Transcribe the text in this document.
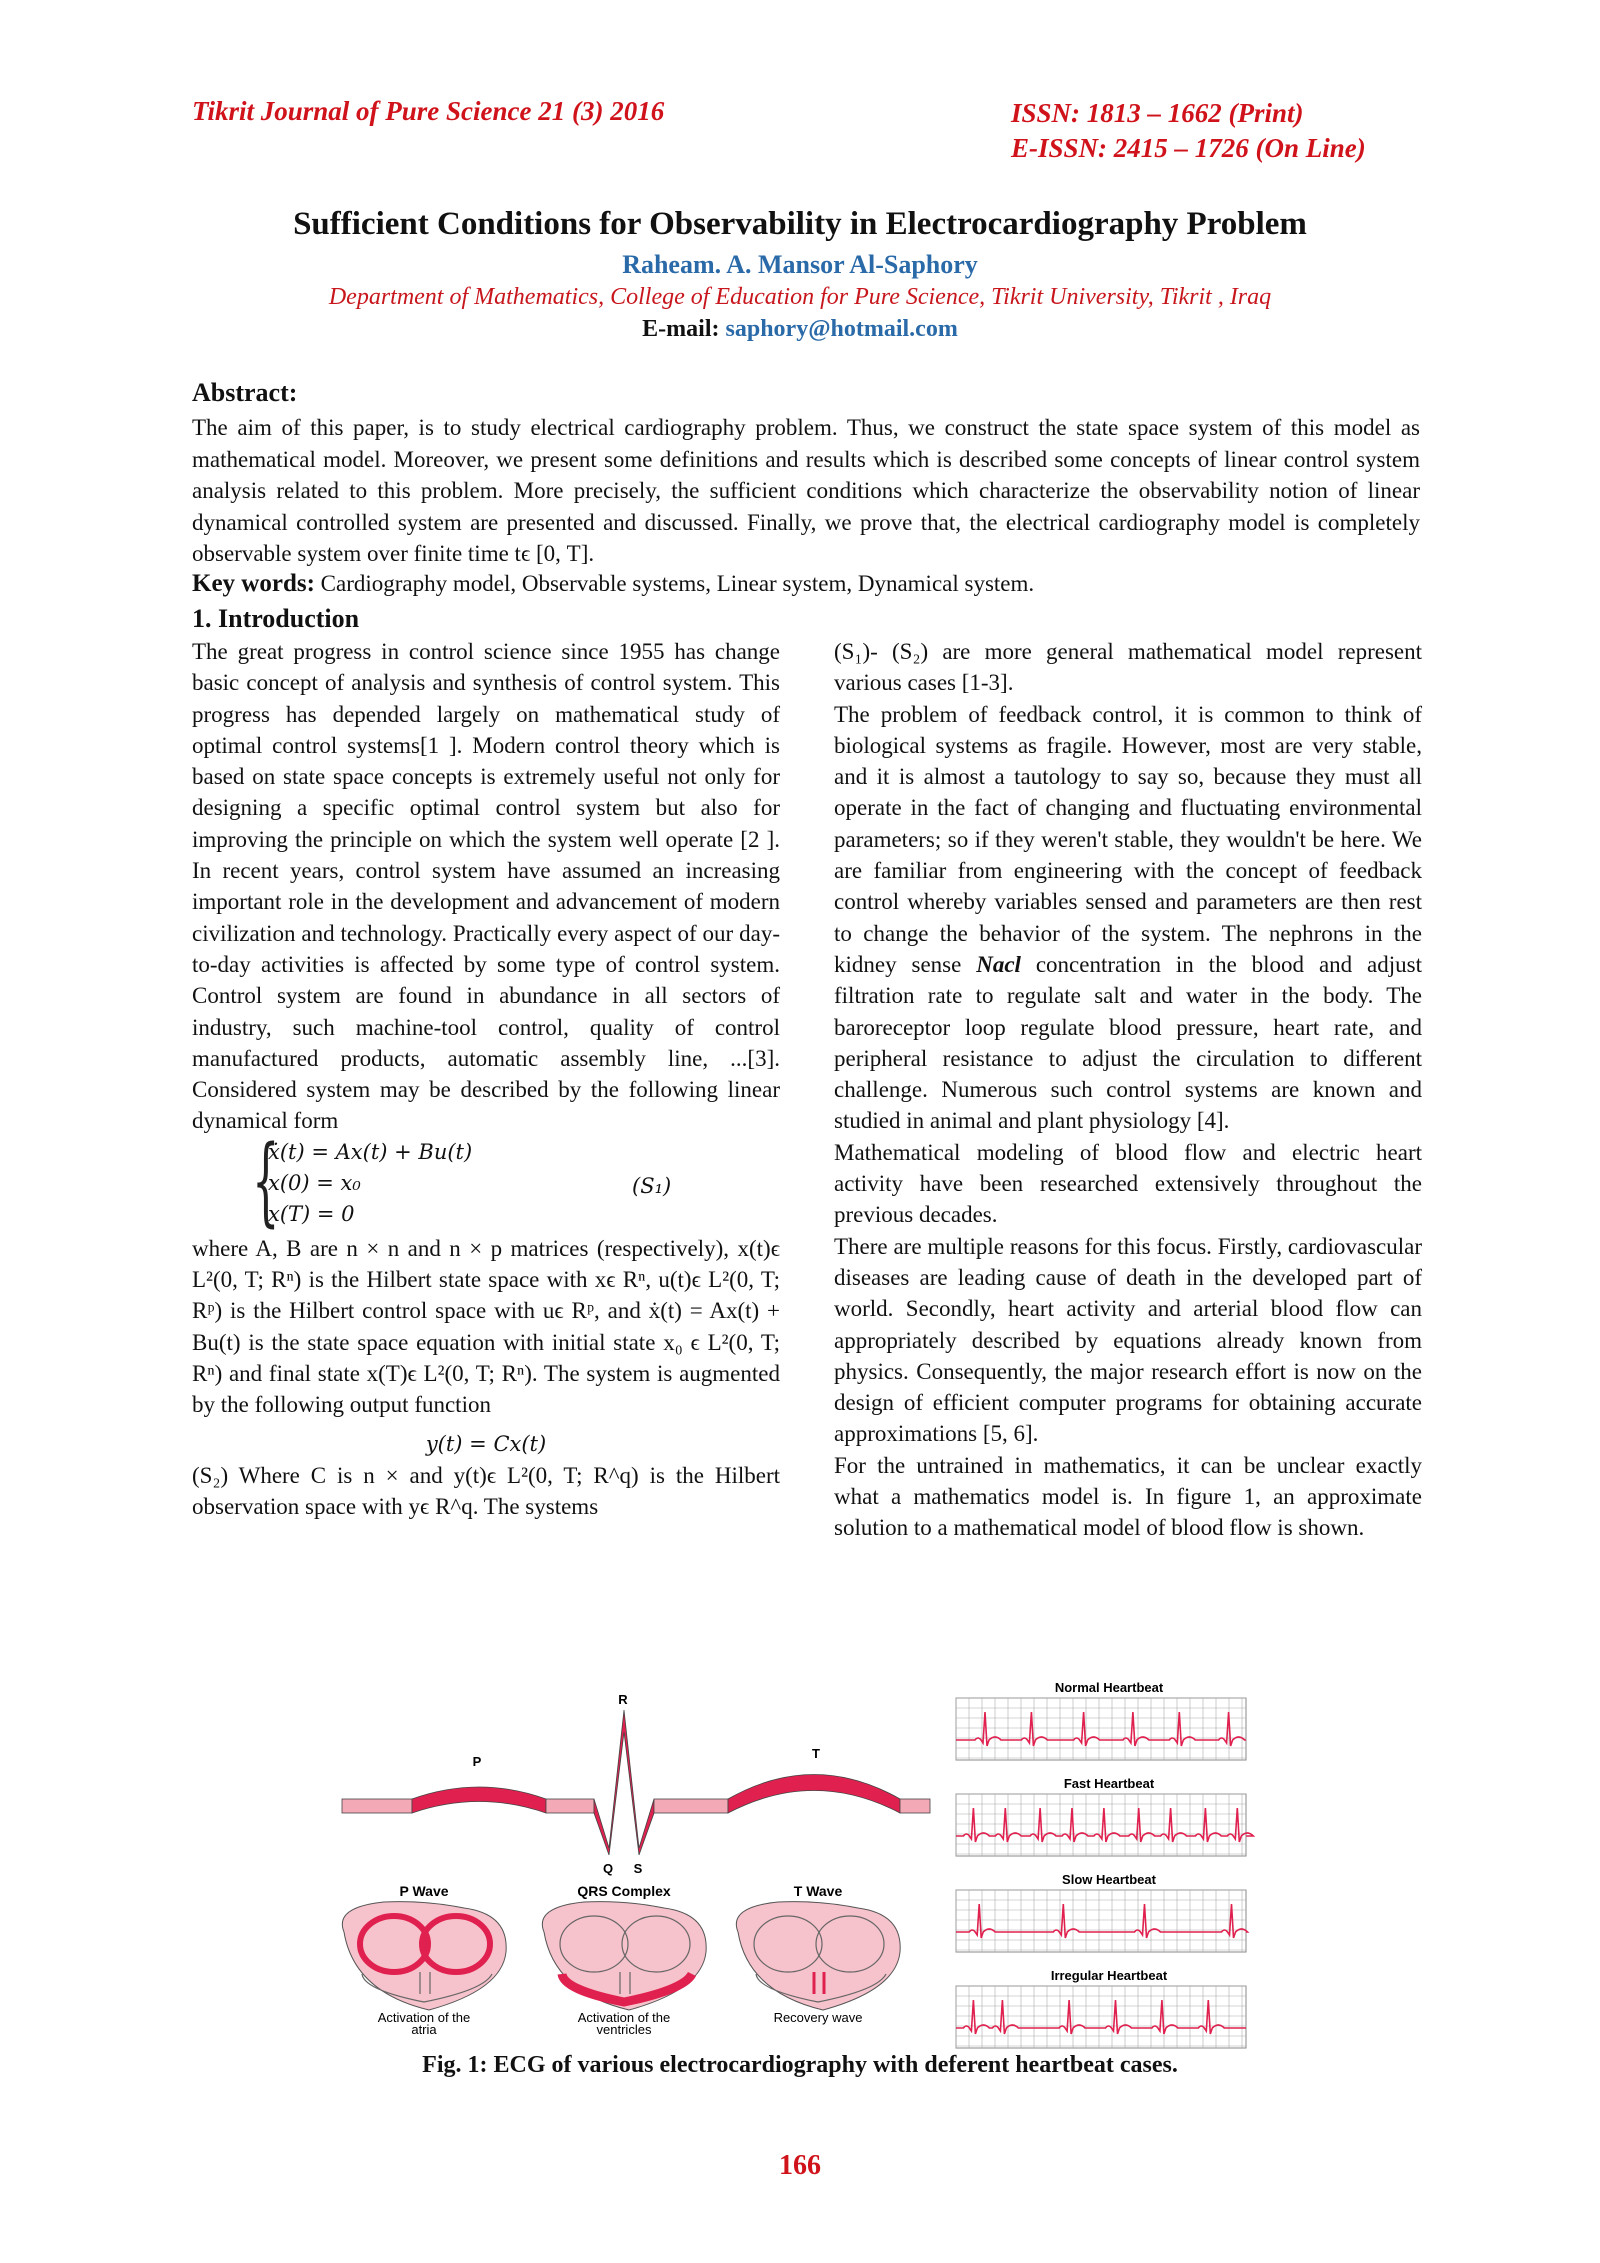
Tikrit Journal of Pure Science 21 (3) 2016	ISSN: 1813 – 1662 (Print)
E-ISSN: 2415 – 1726 (On Line)
Sufficient Conditions for Observability in Electrocardiography Problem
Raheam. A. Mansor Al-Saphory
Department of Mathematics, College of Education for Pure Science, Tikrit University, Tikrit , Iraq
E-mail: saphory@hotmail.com
Abstract:
The aim of this paper, is to study electrical cardiography problem. Thus, we construct the state space system of this model as mathematical model. Moreover, we present some definitions and results which is described some concepts of linear control system analysis related to this problem. More precisely, the sufficient conditions which characterize the observability notion of linear dynamical controlled system are presented and discussed. Finally, we prove that, the electrical cardiography model is completely observable system over finite time tϵ [0, T].
Key words: Cardiography model, Observable systems, Linear system, Dynamical system.
1. Introduction

The great progress in control science since 1955 has change basic concept of analysis and synthesis of control system. This progress has depended largely on mathematical study of optimal control systems[1 ]. Modern control theory which is based on state space concepts is extremely useful not only for designing a specific optimal control system but also for improving the principle on which the system well operate [2 ]. In recent years, control system have assumed an increasing important role in the development and advancement of modern civilization and technology. Practically every aspect of our day-to-day activities is affected by some type of control system. Control system are found in abundance in all sectors of industry, such machine-tool control, quality of control manufactured products, automatic assembly line, ...[3]. Considered system may be described by the following linear dynamical form

{
ẋ(t) = Ax(t) + Bu(t)
x(0) = x₀
x(T) = 0
(S₁)

where A, B are n × n and n × p matrices (respectively), x(t)ϵ L²(0, T; Rⁿ) is the Hilbert state space with xϵ Rⁿ, u(t)ϵ L²(0, T; Rᵖ) is the Hilbert control space with uϵ Rᵖ, and ẋ(t) = Ax(t) + Bu(t) is the state space equation with initial state x₀ ϵ L²(0, T; Rⁿ) and final state x(T)ϵ L²(0, T; Rⁿ). The system is augmented by the following output function

y(t) = Cx(t)

(S₂) Where C is n × and y(t)ϵ L²(0, T; R^q) is the Hilbert observation space with yϵ R^q. The systems

(S₁)- (S₂) are more general mathematical model represent various cases [1-3].

The problem of feedback control, it is common to think of biological systems as fragile. However, most are very stable, and it is almost a tautology to say so, because they must all operate in the fact of changing and fluctuating environmental parameters; so if they weren't stable, they wouldn't be here. We are familiar from engineering with the concept of feedback control whereby variables sensed and parameters are then rest to change the behavior of the system. The nephrons in the kidney sense Nacl concentration in the blood and adjust filtration rate to regulate salt and water in the body. The baroreceptor loop regulate blood pressure, heart rate, and peripheral resistance to adjust the circulation to different challenge. Numerous such control systems are known and studied in animal and plant physiology [4].

Mathematical modeling of blood flow and electric heart activity have been researched extensively throughout the previous decades.

There are multiple reasons for this focus. Firstly, cardiovascular diseases are leading cause of death in the developed part of world. Secondly, heart activity and arterial blood flow can appropriately described by equations already known from physics. Consequently, the major research effort is now on the design of efficient computer programs for obtaining accurate approximations [5, 6].

For the untrained in mathematics, it can be unclear exactly what a mathematics model is. In figure 1, an approximate solution to a mathematical model of blood flow is shown.

R
P
T
Q S
P Wave	QRS Complex	T Wave
Activation of the
atria
Activation of the
ventricles
Recovery wave
Normal Heartbeat
Fast Heartbeat
Slow Heartbeat
Irregular Heartbeat
Fig. 1: ECG of various electrocardiography with deferent heartbeat cases.
166
